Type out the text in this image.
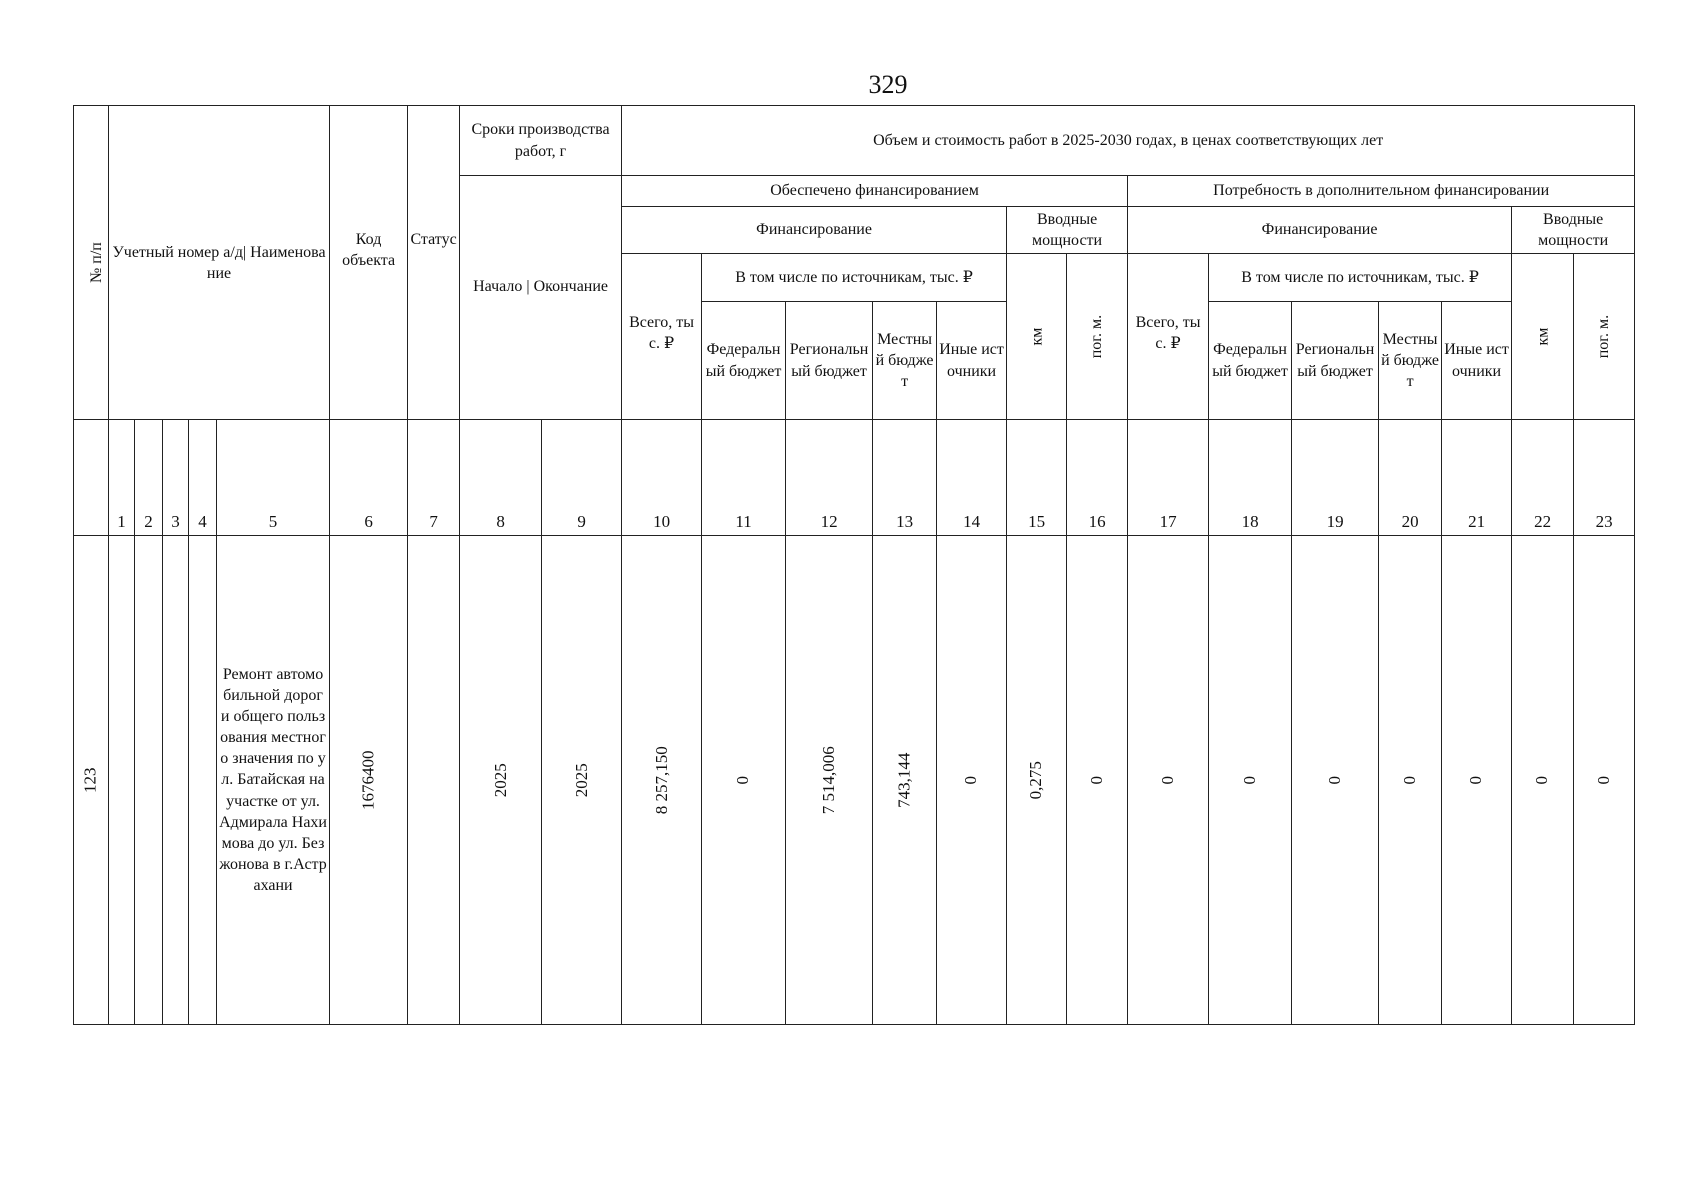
329
№ п/п	Учетный номер а/д| Наименование					Код объекта	Статус	Сроки производства работ, г		Объем и стоимость работ в 2025-2030 годах, в ценах соответствующих лет													
								Начало | Окончание		Обеспечено финансированием							Потребность в дополнительном финансировании						
										Финансирование					Вводные мощности		Финансирование					Вводные мощности	
										Всего, тыс. ₽	В том числе по источникам, тыс. ₽				км	пог. м.	Всего, тыс. ₽	В том числе по источникам, тыс. ₽				км	пог. м.
											Федеральный бюджет	Региональный бюджет	Местный бюджет	Иные источники				Федеральный бюджет	Региональный бюджет	Местный бюджет	Иные источники		
	1	2	3	4	5	6	7	8	9	10	11	12	13	14	15	16	17	18	19	20	21	22	23
123					Ремонт автомобильной дороги общего пользования местного значения по ул. Батайская на участке от ул. Адмирала Нахимова до ул. Безжонова в г.Астрахани	1676400		2025	2025	8 257,150	0	7 514,006	743,144	0	0,275	0	0	0	0	0	0	0	0
